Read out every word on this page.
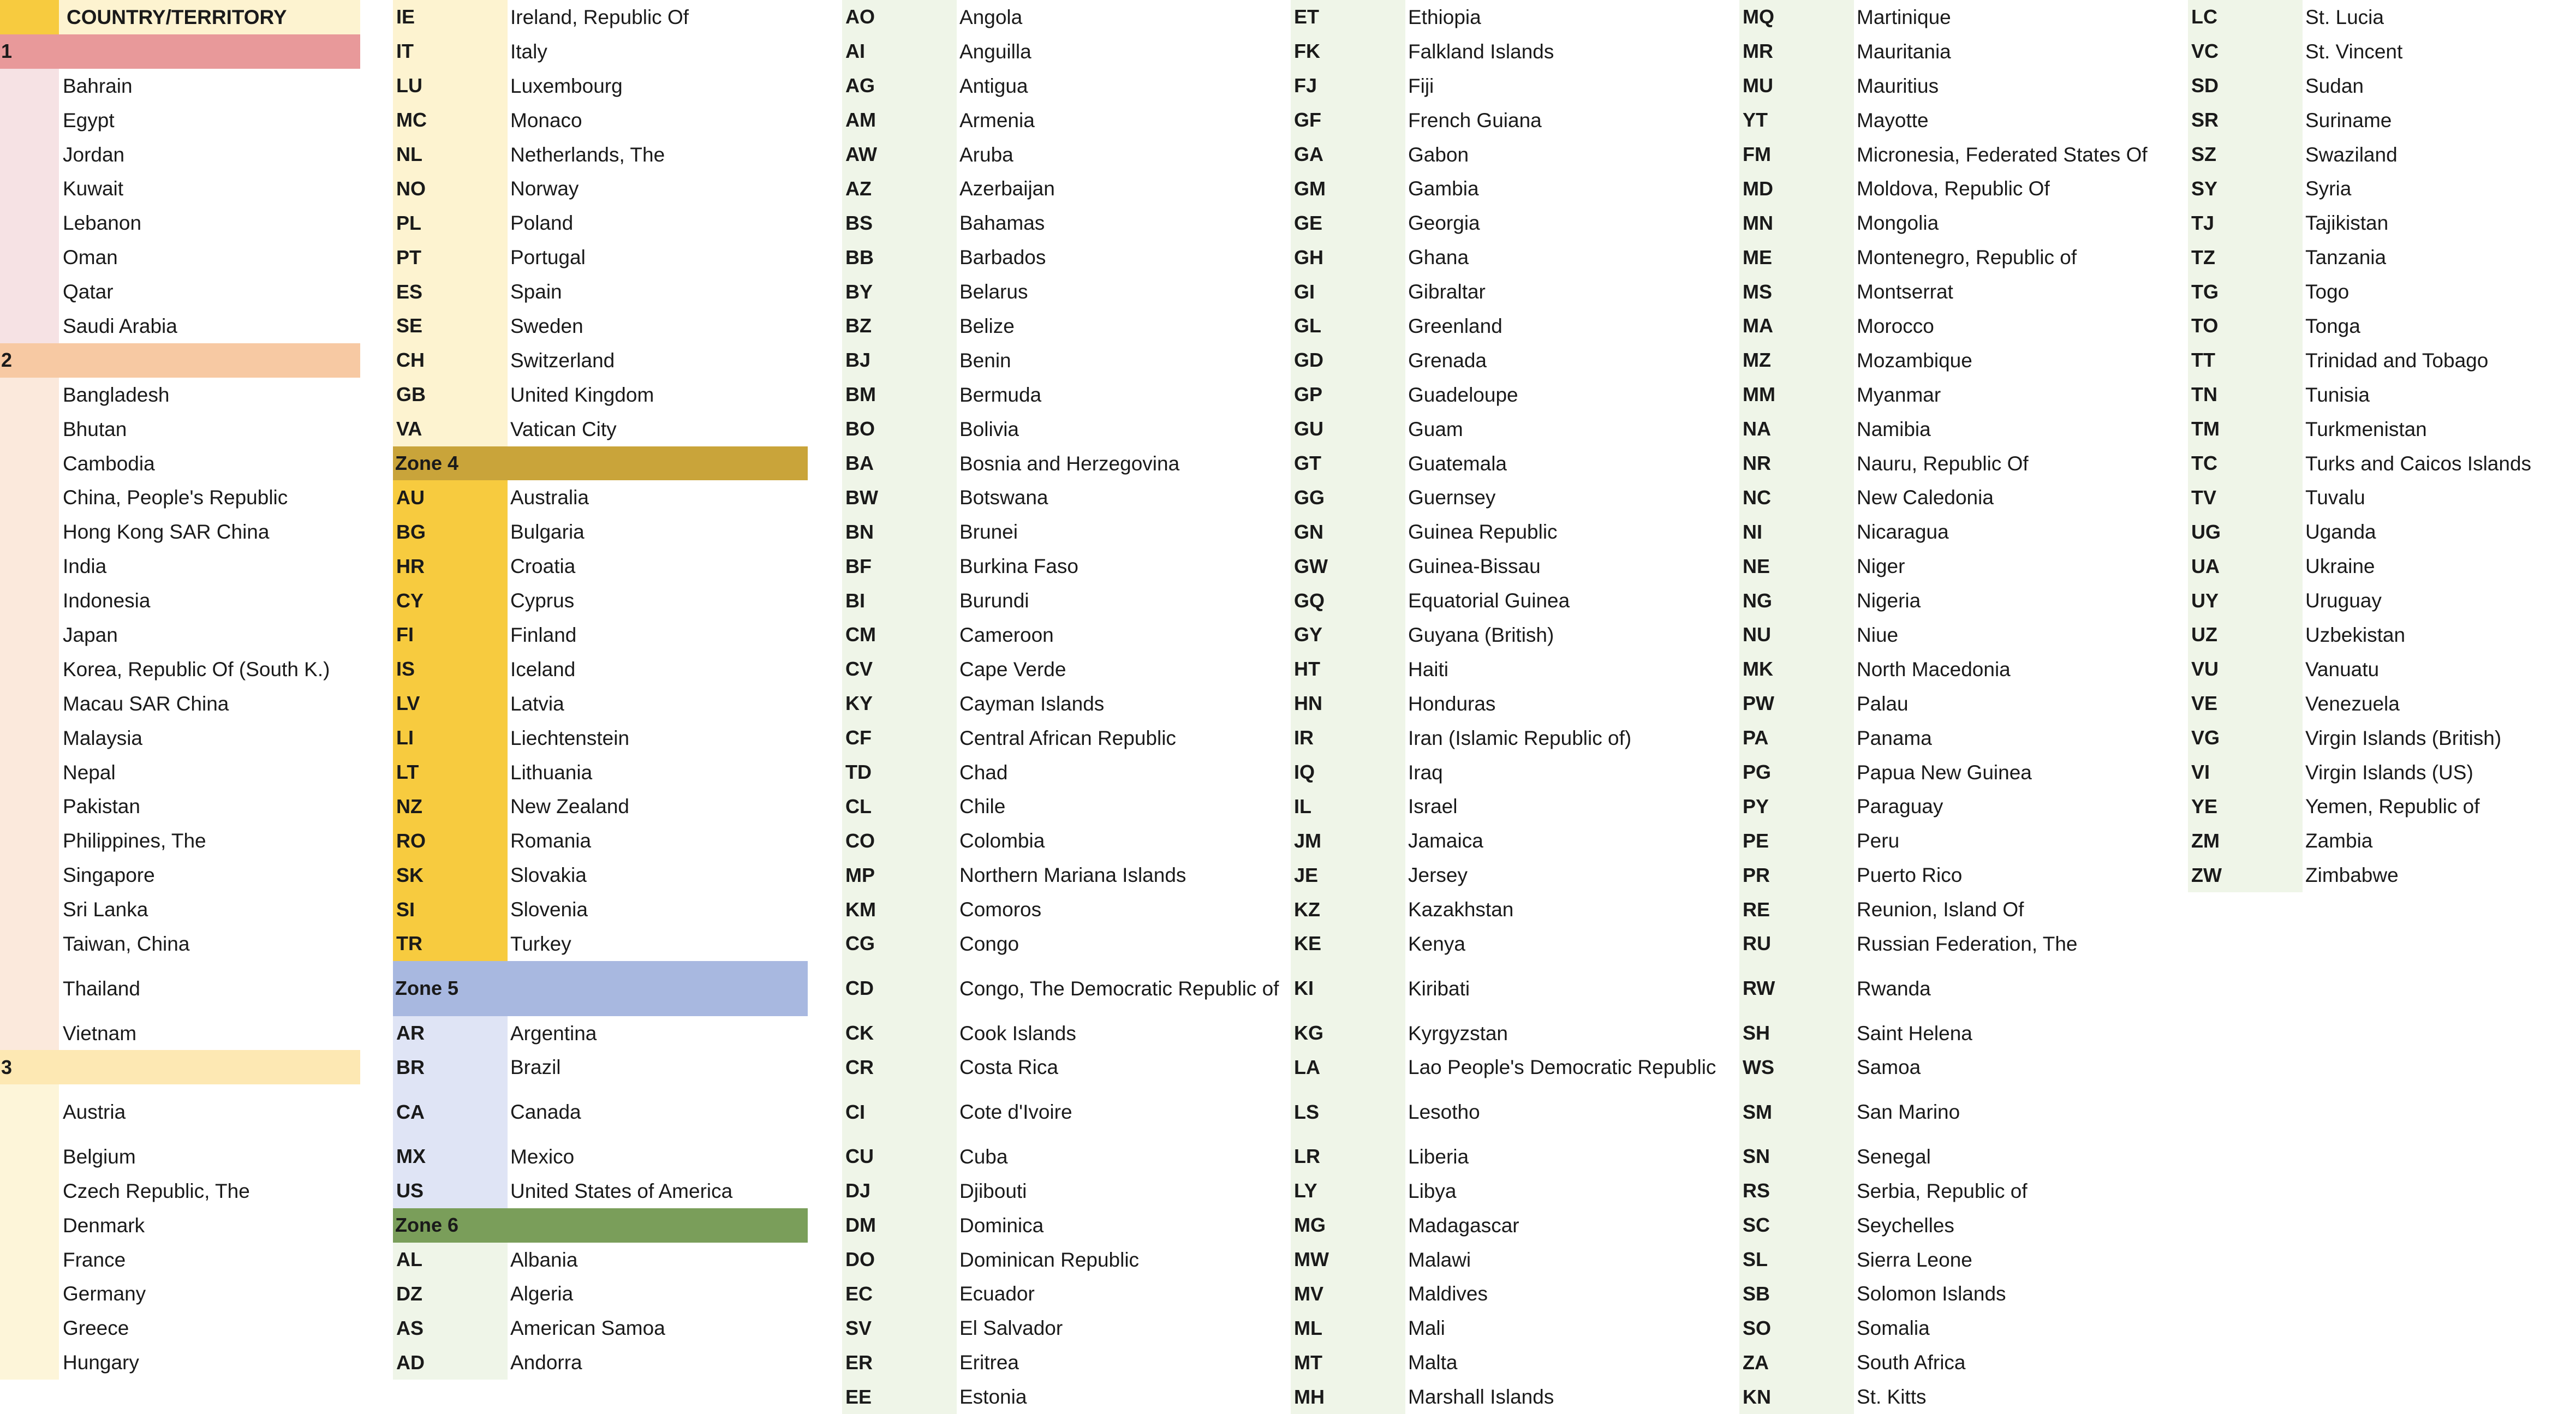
COUNTRY/TERRITORY
1
Bahrain
Egypt
Jordan
Kuwait
Lebanon
Oman
Qatar
Saudi Arabia
2
Bangladesh
Bhutan
Cambodia
China, People's Republic
Hong Kong SAR China
India
Indonesia
Japan
Korea, Republic Of (South K.)
Macau SAR China
Malaysia
Nepal
Pakistan
Philippines, The
Singapore
Sri Lanka
Taiwan, China
Thailand
Vietnam
3
Austria
Belgium
Czech Republic, The
Denmark
France
Germany
Greece
Hungary
IE	Ireland, Republic Of
IT	Italy
LU	Luxembourg
MC	Monaco
NL	Netherlands, The
NO	Norway
PL	Poland
PT	Portugal
ES	Spain
SE	Sweden
CH	Switzerland
GB	United Kingdom
VA	Vatican City
Zone 4
AU	Australia
BG	Bulgaria
HR	Croatia
CY	Cyprus
FI	Finland
IS	Iceland
LV	Latvia
LI	Liechtenstein
LT	Lithuania
NZ	New Zealand
RO	Romania
SK	Slovakia
SI	Slovenia
TR	Turkey
Zone 5
AR	Argentina
BR	Brazil
CA	Canada
MX	Mexico
US	United States of America
Zone 6
AL	Albania
DZ	Algeria
AS	American Samoa
AD	Andorra
AO	Angola
AI	Anguilla
AG	Antigua
AM	Armenia
AW	Aruba
AZ	Azerbaijan
BS	Bahamas
BB	Barbados
BY	Belarus
BZ	Belize
BJ	Benin
BM	Bermuda
BO	Bolivia
BA	Bosnia and Herzegovina
BW	Botswana
BN	Brunei
BF	Burkina Faso
BI	Burundi
CM	Cameroon
CV	Cape Verde
KY	Cayman Islands
CF	Central African Republic
TD	Chad
CL	Chile
CO	Colombia
MP	Northern Mariana Islands
KM	Comoros
CG	Congo
CD	Congo, The Democratic Republic of
CK	Cook Islands
CR	Costa Rica
CI	Cote d'Ivoire
CU	Cuba
DJ	Djibouti
DM	Dominica
DO	Dominican Republic
EC	Ecuador
SV	El Salvador
ER	Eritrea
EE	Estonia
ET	Ethiopia
FK	Falkland Islands
FJ	Fiji
GF	French Guiana
GA	Gabon
GM	Gambia
GE	Georgia
GH	Ghana
GI	Gibraltar
GL	Greenland
GD	Grenada
GP	Guadeloupe
GU	Guam
GT	Guatemala
GG	Guernsey
GN	Guinea Republic
GW	Guinea-Bissau
GQ	Equatorial Guinea
GY	Guyana (British)
HT	Haiti
HN	Honduras
IR	Iran (Islamic Republic of)
IQ	Iraq
IL	Israel
JM	Jamaica
JE	Jersey
KZ	Kazakhstan
KE	Kenya
KI	Kiribati
KG	Kyrgyzstan
LA	Lao People's Democratic Republic
LS	Lesotho
LR	Liberia
LY	Libya
MG	Madagascar
MW	Malawi
MV	Maldives
ML	Mali
MT	Malta
MH	Marshall Islands
MQ	Martinique
MR	Mauritania
MU	Mauritius
YT	Mayotte
FM	Micronesia, Federated States Of
MD	Moldova, Republic Of
MN	Mongolia
ME	Montenegro, Republic of
MS	Montserrat
MA	Morocco
MZ	Mozambique
MM	Myanmar
NA	Namibia
NR	Nauru, Republic Of
NC	New Caledonia
NI	Nicaragua
NE	Niger
NG	Nigeria
NU	Niue
MK	North Macedonia
PW	Palau
PA	Panama
PG	Papua New Guinea
PY	Paraguay
PE	Peru
PR	Puerto Rico
RE	Reunion, Island Of
RU	Russian Federation, The
RW	Rwanda
SH	Saint Helena
WS	Samoa
SM	San Marino
SN	Senegal
RS	Serbia, Republic of
SC	Seychelles
SL	Sierra Leone
SB	Solomon Islands
SO	Somalia
ZA	South Africa
KN	St. Kitts
LC	St. Lucia
VC	St. Vincent
SD	Sudan
SR	Suriname
SZ	Swaziland
SY	Syria
TJ	Tajikistan
TZ	Tanzania
TG	Togo
TO	Tonga
TT	Trinidad and Tobago
TN	Tunisia
TM	Turkmenistan
TC	Turks and Caicos Islands
TV	Tuvalu
UG	Uganda
UA	Ukraine
UY	Uruguay
UZ	Uzbekistan
VU	Vanuatu
VE	Venezuela
VG	Virgin Islands (British)
VI	Virgin Islands (US)
YE	Yemen, Republic of
ZM	Zambia
ZW	Zimbabwe
